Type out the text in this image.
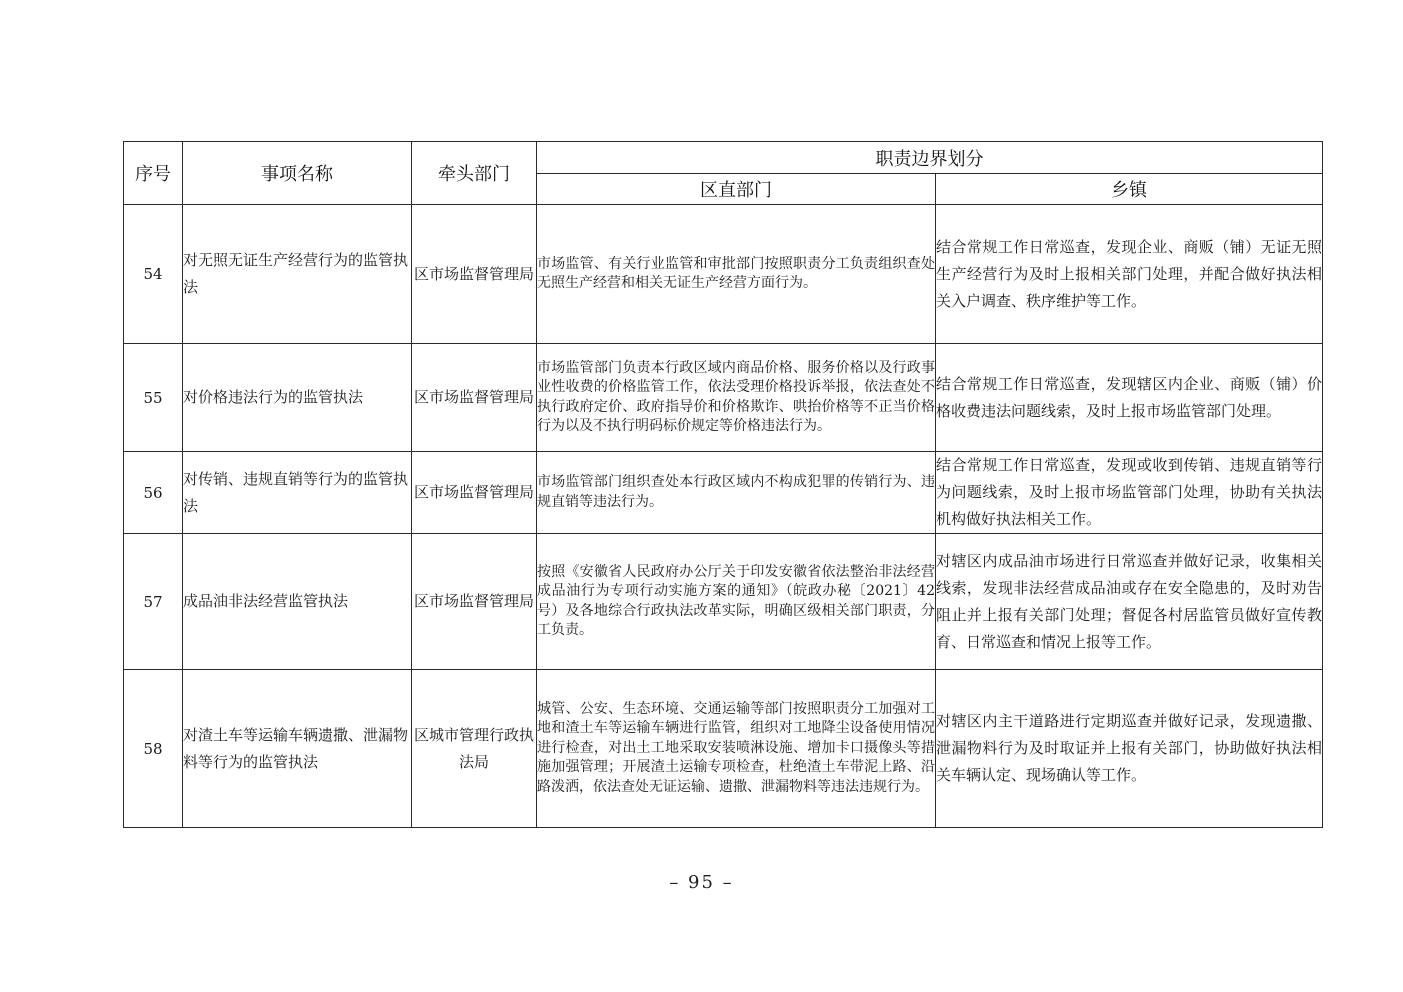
序号	事项名称	牵头部门	职责边界划分	
			区直部门	乡镇
54	对无照无证生产经营行为的监管执法	区市场监督管理局	市场监管、有关行业监管和审批部门按照职责分工负责组织查处无照生产经营和相关无证生产经营方面行为。	结合常规工作日常巡查，发现企业、商贩（铺）无证无照生产经营行为及时上报相关部门处理，并配合做好执法相关入户调查、秩序维护等工作。
55	对价格违法行为的监管执法	区市场监督管理局	市场监管部门负责本行政区域内商品价格、服务价格以及行政事业性收费的价格监管工作，依法受理价格投诉举报，依法查处不执行政府定价、政府指导价和价格欺诈、哄抬价格等不正当价格行为以及不执行明码标价规定等价格违法行为。	结合常规工作日常巡查，发现辖区内企业、商贩（铺）价格收费违法问题线索，及时上报市场监管部门处理。
56	对传销、违规直销等行为的监管执法	区市场监督管理局	市场监管部门组织查处本行政区域内不构成犯罪的传销行为、违规直销等违法行为。	结合常规工作日常巡查，发现或收到传销、违规直销等行为问题线索，及时上报市场监管部门处理，协助有关执法机构做好执法相关工作。
57	成品油非法经营监管执法	区市场监督管理局	按照《安徽省人民政府办公厅关于印发安徽省依法整治非法经营成品油行为专项行动实施方案的通知》（皖政办秘〔2021〕42号）及各地综合行政执法改革实际，明确区级相关部门职责，分工负责。	对辖区内成品油市场进行日常巡查并做好记录，收集相关线索，发现非法经营成品油或存在安全隐患的，及时劝告阻止并上报有关部门处理；督促各村居监管员做好宣传教育、日常巡查和情况上报等工作。
58	对渣土车等运输车辆遗撒、泄漏物料等行为的监管执法	区城市管理行政执法局	城管、公安、生态环境、交通运输等部门按照职责分工加强对工地和渣土车等运输车辆进行监管，组织对工地降尘设备使用情况进行检查，对出土工地采取安装喷淋设施、增加卡口摄像头等措施加强管理；开展渣土运输专项检查，杜绝渣土车带泥上路、沿路泼洒，依法查处无证运输、遗撒、泄漏物料等违法违规行为。	对辖区内主干道路进行定期巡查并做好记录，发现遗撒、泄漏物料行为及时取证并上报有关部门，协助做好执法相关车辆认定、现场确认等工作。
– 95 –
